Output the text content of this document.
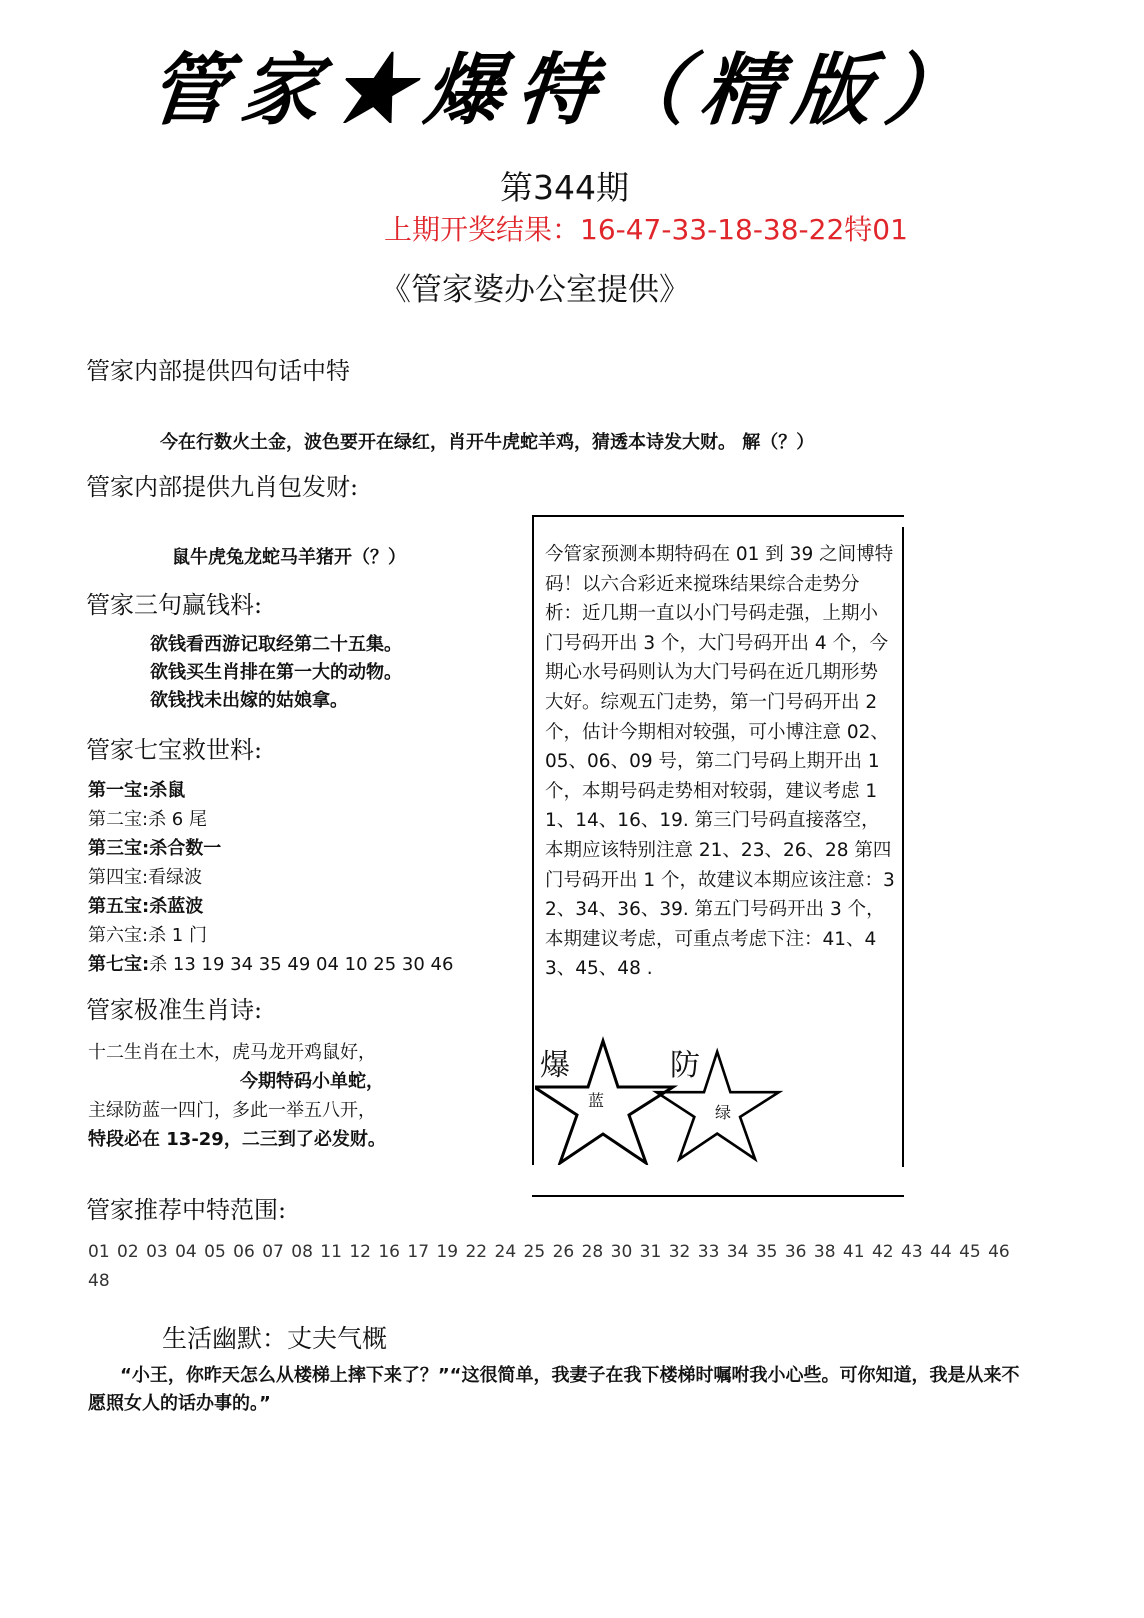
管家★爆特（精版）
第344期
上期开奖结果：16-47-33-18-38-22特01
《管家婆办公室提供》
管家内部提供四句话中特
今在行数火土金，波色要开在绿红，肖开牛虎蛇羊鸡，猜透本诗发大财。 解（？）
管家内部提供九肖包发财:
鼠牛虎兔龙蛇马羊猪开（？）
管家三句赢钱料:
欲钱看西游记取经第二十五集。
欲钱买生肖排在第一大的动物。
欲钱找未出嫁的姑娘拿。
管家七宝救世料:
第一宝:杀鼠
第二宝:杀 6 尾
第三宝:杀合数一
第四宝:看绿波
第五宝:杀蓝波
第六宝:杀 1 门
第七宝:杀 13 19 34 35 49 04 10 25 30 46
管家极准生肖诗:
十二生肖在土木，虎马龙开鸡鼠好，
今期特码小单蛇，
主绿防蓝一四门，多此一举五八开，
特段必在 13-29，二三到了必发财。
管家推荐中特范围:
01 02 03 04 05 06 07 08 11 12 16 17 19 22 24 25 26 28 30 31 32 33 34 35 36 38 41 42 43 44 45 46 48
生活幽默：丈夫气概
“小王，你昨天怎么从楼梯上摔下来了？”“这很简单，我妻子在我下楼梯时嘱咐我小心些。可你知道，我是从来不愿照女人的话办事的。”
今管家预测本期特码在 01 到 39 之间博特码！以六合彩近来搅珠结果综合走势分析：近几期一直以小门号码走强，上期小门号码开出 3 个，大门号码开出 4 个，今期心水号码则认为大门号码在近几期形势大好。综观五门走势，第一门号码开出 2 个，估计今期相对较强，可小博注意 02、05、06、09 号，第二门号码上期开出 1 个，本期号码走势相对较弱，建议考虑 11、14、16、19. 第三门号码直接落空，本期应该特别注意 21、23、26、28 第四门号码开出 1 个，故建议本期应该注意：32、34、36、39. 第五门号码开出 3 个，本期建议考虑，可重点考虑下注：41、43、45、48 .
爆	防
蓝
绿
